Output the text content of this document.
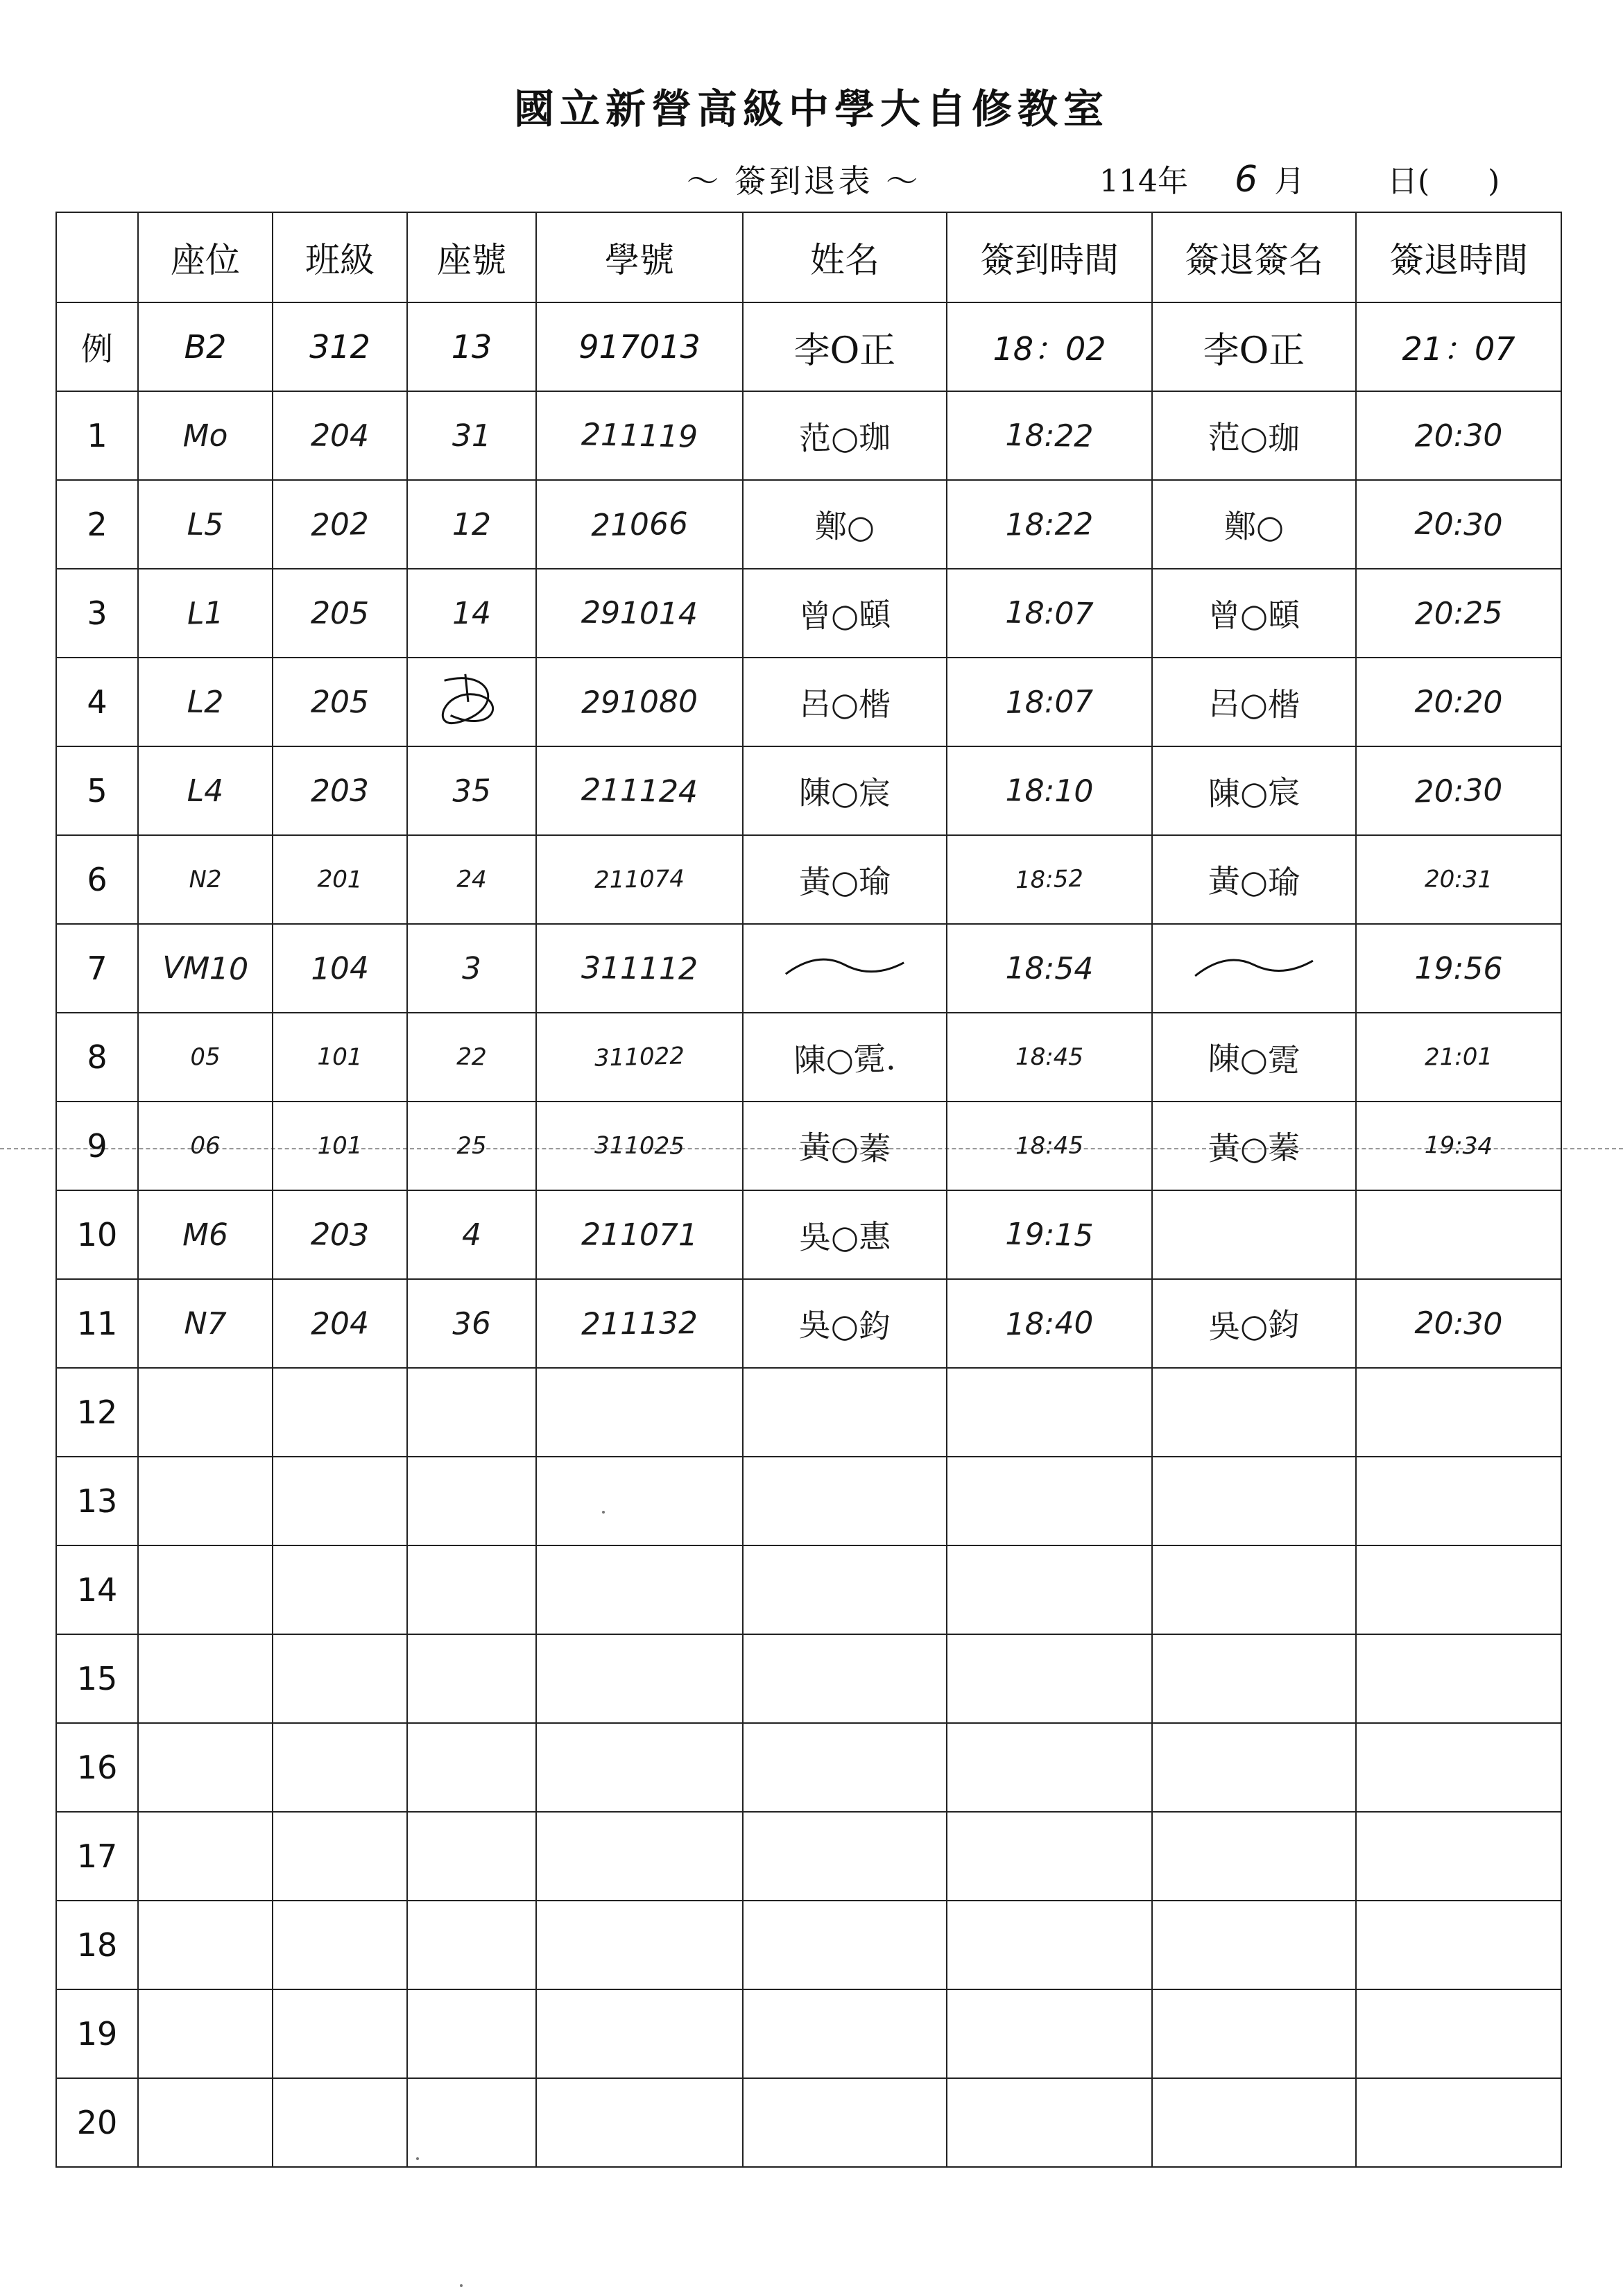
國立新營高級中學大自修教室
～ 簽到退表 ～	114年 6 月	日(      )
	座位	班級	座號	學號	姓名	簽到時間	簽退簽名	簽退時間
例	B2	312	13	917013	李O正	18：02	李O正	21：07
1	Mo	204	31	211119	范○珈	18:22	范○珈	20:30
2	L5	202	12	21066	鄭○	18:22	鄭○	20:30
3	L1	205	14	291014	曾○頤	18:07	曾○頤	20:25
4	L2	205		291080	呂○楷	18:07	呂○楷	20:20
5	L4	203	35	211124	陳○宸	18:10	陳○宸	20:30
6	N2	201	24	211074	黃○瑜	18:52	黃○瑜	20:31
7	VM10	104	3	311112		18:54		19:56
8	05	101	22	311022	陳○霓.	18:45	陳○霓	21:01
9	06	101	25	311025	黃○蓁	18:45	黃○蓁	19:34
10	M6	203	4	211071	吳○惠	19:15		
11	N7	204	36	211132	吳○鈞	18:40	吳○鈞	20:30
12								
13								
14								
15								
16								
17								
18								
19								
20								
